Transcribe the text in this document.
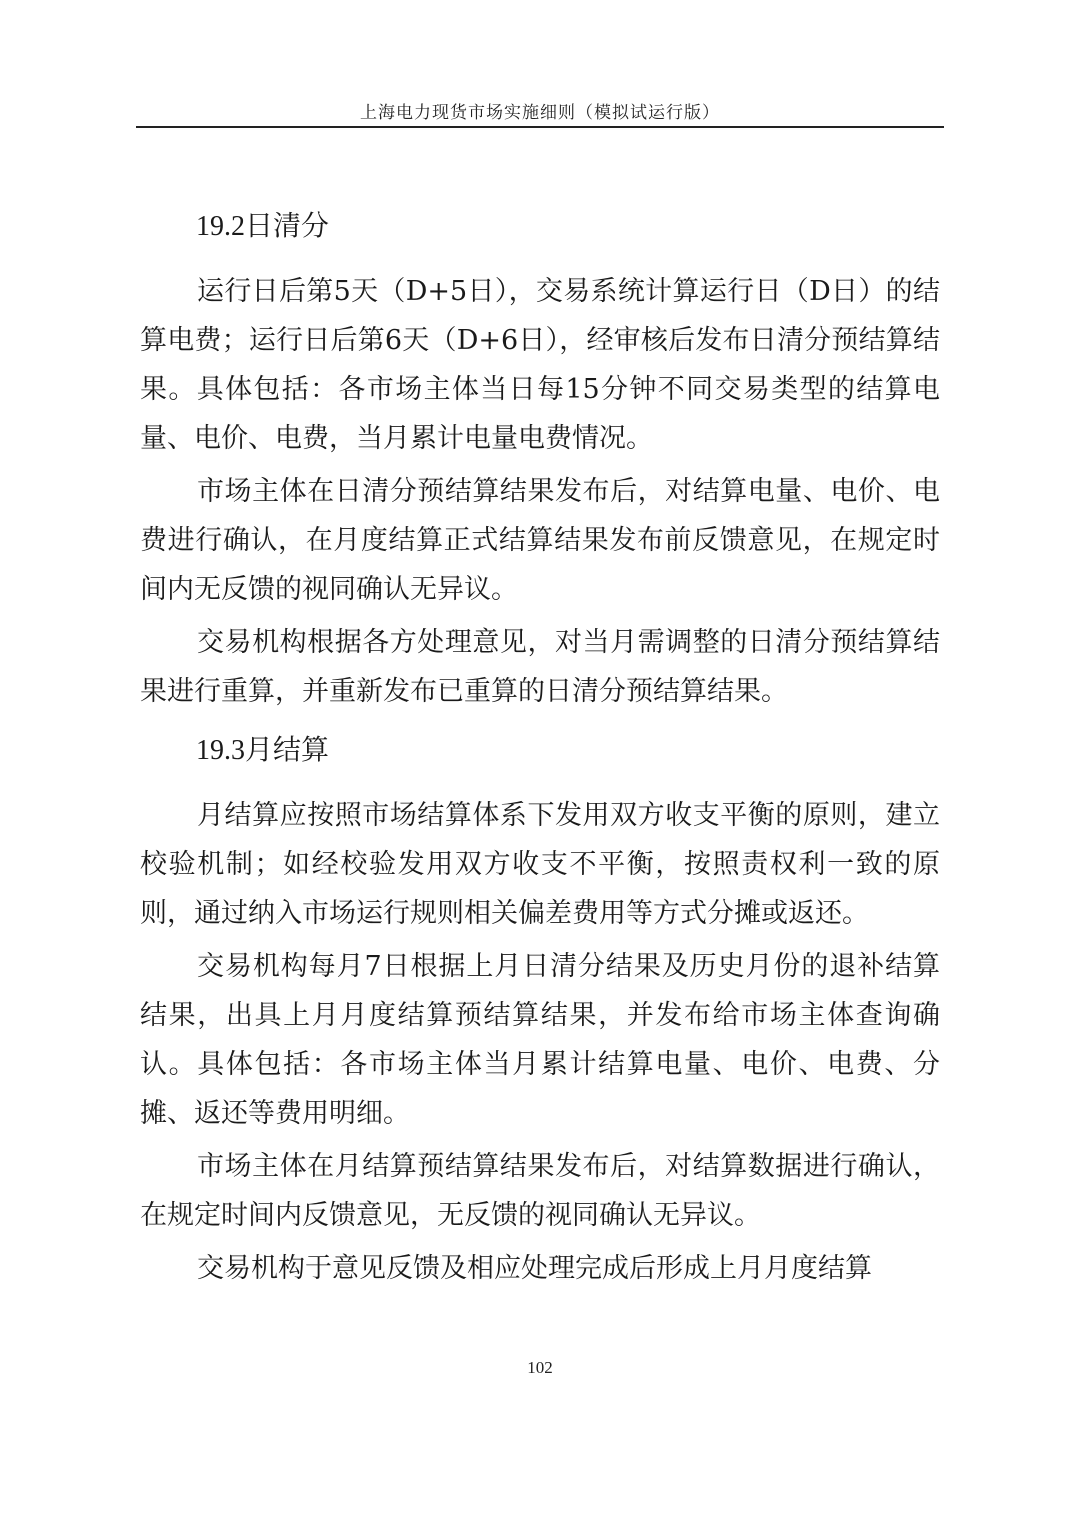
上海电力现货市场实施细则（模拟试运行版）
19.2日清分

运行日后第5天（D+5日），交易系统计算运行日（D日）的结算电费；运行日后第6天（D+6日），经审核后发布日清分预结算结果。具体包括：各市场主体当日每15分钟不同交易类型的结算电量、电价、电费，当月累计电量电费情况。

市场主体在日清分预结算结果发布后，对结算电量、电价、电费进行确认，在月度结算正式结算结果发布前反馈意见，在规定时间内无反馈的视同确认无异议。

交易机构根据各方处理意见，对当月需调整的日清分预结算结果进行重算，并重新发布已重算的日清分预结算结果。

19.3月结算

月结算应按照市场结算体系下发用双方收支平衡的原则，建立校验机制；如经校验发用双方收支不平衡，按照责权利一致的原则，通过纳入市场运行规则相关偏差费用等方式分摊或返还。

交易机构每月7日根据上月日清分结果及历史月份的退补结算结果，出具上月月度结算预结算结果，并发布给市场主体查询确认。具体包括：各市场主体当月累计结算电量、电价、电费、分摊、返还等费用明细。

市场主体在月结算预结算结果发布后，对结算数据进行确认，在规定时间内反馈意见，无反馈的视同确认无异议。

交易机构于意见反馈及相应处理完成后形成上月月度结算

102
